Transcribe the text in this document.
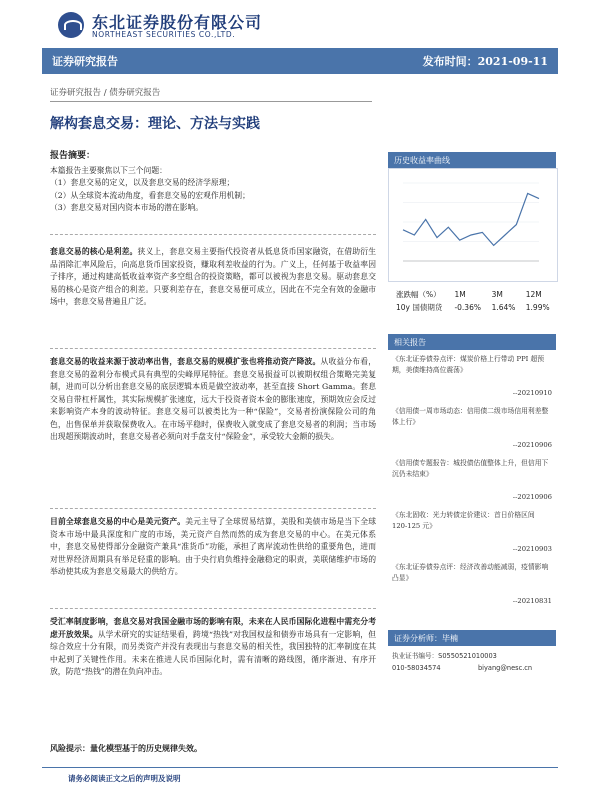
东北证券股份有限公司
NORTHEAST SECURITIES CO.,LTD.
证券研究报告	发布时间：2021-09-11
证券研究报告 / 债券研究报告
解构套息交易：理论、方法与实践

报告摘要：

本篇报告主要聚焦以下三个问题：

（1）套息交易的定义，以及套息交易的经济学原理；

（2）从全球资本流动角度，看套息交易的宏观作用机制；

（3）套息交易对国内资本市场的潜在影响。

套息交易的核心是利差。狭义上，套息交易主要指代投资者从低息货币国家融资，在借助衍生品消除汇率风险后，向高息货币国家投资，赚取利差收益的行为。广义上，任何基于收益率因子排序，通过构建高低收益率资产多空组合的投资策略，都可以被视为套息交易。驱动套息交易的核心是资产组合的利差。只要利差存在，套息交易便可成立，因此在不完全有效的金融市场中，套息交易普遍且广泛。

套息交易的收益来源于波动率出售，套息交易的规模扩张也将推动资产降波。从收益分布看，套息交易的盈利分布模式具有典型的尖峰厚尾特征。套息交易损益可以被期权组合策略完美复制，进而可以分析出套息交易的底层逻辑本质是做空波动率，甚至直接 Short Gamma。套息交易自带杠杆属性，其实际规模扩张速度，远大于投资者资本金的膨胀速度，预期效应会反过来影响资产本身的波动特征。套息交易可以被类比为一种“保险”，交易者扮演保险公司的角色，出售保单并获取保费收入。在市场平稳时，保费收入就变成了套息交易者的利润；当市场出现超预期波动时，套息交易者必须向对手盘支付“保险金”，承受较大金额的损失。

目前全球套息交易的中心是美元资产。美元主导了全球贸易结算，美股和美债市场是当下全球资本市场中最具深度和广度的市场，美元资产自然而然的成为套息交易的中心。在美元体系中，套息交易使得部分金融资产兼具“准货币”功能，承担了离岸流动性供给的重要角色，进而对世界经济周期具有举足轻重的影响。由于央行肩负维持金融稳定的职责，美联储维护市场的举动使其成为套息交易最大的供给方。

受汇率制度影响，套息交易对我国金融市场的影响有限，未来在人民币国际化进程中需充分考虑开放效果。从学术研究的实证结果看，跨境“热钱”对我国权益和债券市场具有一定影响，但综合效应十分有限，而另类资产并没有表现出与套息交易的相关性，我国独特的汇率制度在其中起到了关键性作用。未来在推进人民币国际化时，需有清晰的路线图，循序渐进、有序开放，防范“热钱”的潜在负向冲击。

风险提示：量化模型基于的历史规律失效。
历史收益率曲线
涨跌幅（%）	1M	3M	12M
10y 国债期货	-0.36%	1.64%	1.99%
相关报告
《东北证券债券点评：煤炭价格上行带动 PPI 超预期，美债维持高位震荡》
--20210910
《信用债一周市场动态：信用债二级市场信用利差整体上行》
--20210906
《信用债专题报告：城投债估值整体上升，但信用下沉仍未结束》
--20210906
《东北固收：光力转债定价建议：首日价格区间 120-125 元》
--20210903
《东北证券债券点评：经济改善动能减弱，疫情影响凸显》
--20210831
证券分析师：毕楠
执业证书编号：S0550521010003
010-58034574	biyang@nesc.cn
请务必阅读正文之后的声明及说明
